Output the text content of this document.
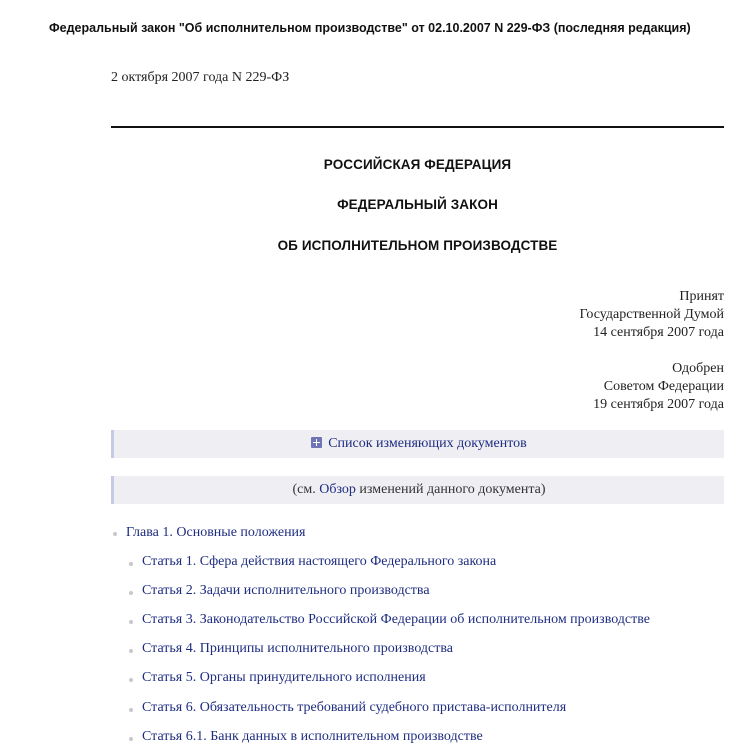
Федеральный закон "Об исполнительном производстве" от 02.10.2007 N 229-ФЗ (последняя редакция)
2 октября 2007 года N 229-ФЗ
РОССИЙСКАЯ ФЕДЕРАЦИЯ
ФЕДЕРАЛЬНЫЙ ЗАКОН
ОБ ИСПОЛНИТЕЛЬНОМ ПРОИЗВОДСТВЕ
Принят
Государственной Думой
14 сентября 2007 года
Одобрен
Советом Федерации
19 сентября 2007 года
Список изменяющих документов
(см. Обзор изменений данного документа)
Глава 1. Основные положения
Статья 1. Сфера действия настоящего Федерального закона
Статья 2. Задачи исполнительного производства
Статья 3. Законодательство Российской Федерации об исполнительном производстве
Статья 4. Принципы исполнительного производства
Статья 5. Органы принудительного исполнения
Статья 6. Обязательность требований судебного пристава-исполнителя
Статья 6.1. Банк данных в исполнительном производстве
